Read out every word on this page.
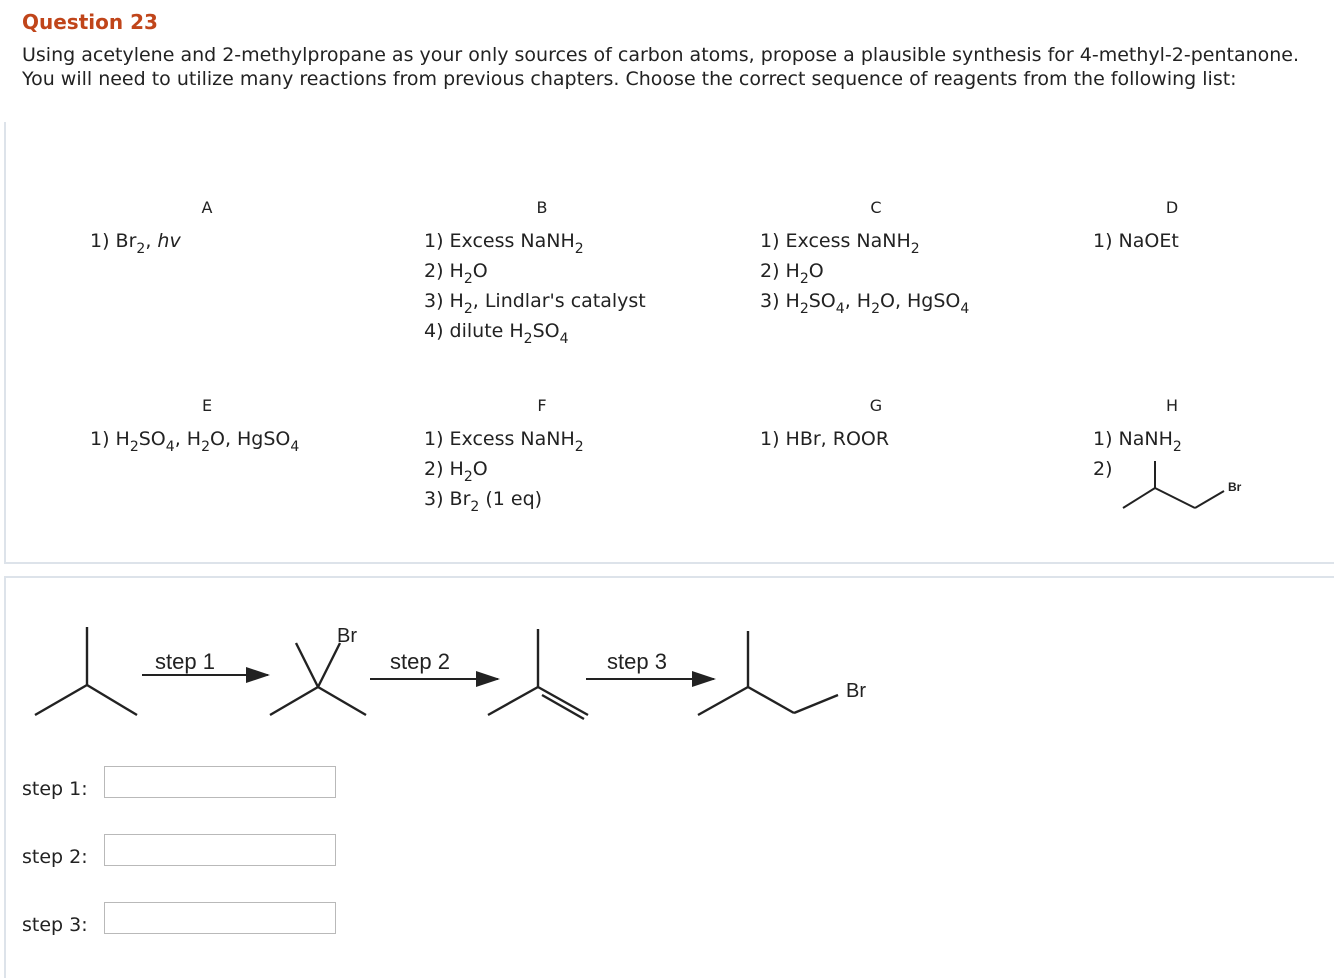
Question 23

Using acetylene and 2-methylpropane as your only sources of carbon atoms, propose a plausible synthesis for 4-methyl-2-pentanone. You will need to utilize many reactions from previous chapters. Choose the correct sequence of reagents from the following list:

A
1) $Br_2$, hv
B
1) Excess NaNH$_2$
2) $H_2O$
3) $H_2$, Lindlar's catalyst
4) dilute $H_2SO_4$
C
1) Excess NaNH$_2$
2) $H_2O$
3) $H_2SO_4$, $H_2O$, HgSO$_4$
D
1) NaOEt
E
1) $H_2SO_4$, $H_2O$, HgSO$_4$
F
1) Excess NaNH$_2$
2) $H_2O$
3) $Br_2$ (1 eq)
G
1) HBr, ROOR
H
1) NaNH$_2$
2)
Br
step 1
Br
step 2	step 3
Br
step 1:
step 2:
step 3:
